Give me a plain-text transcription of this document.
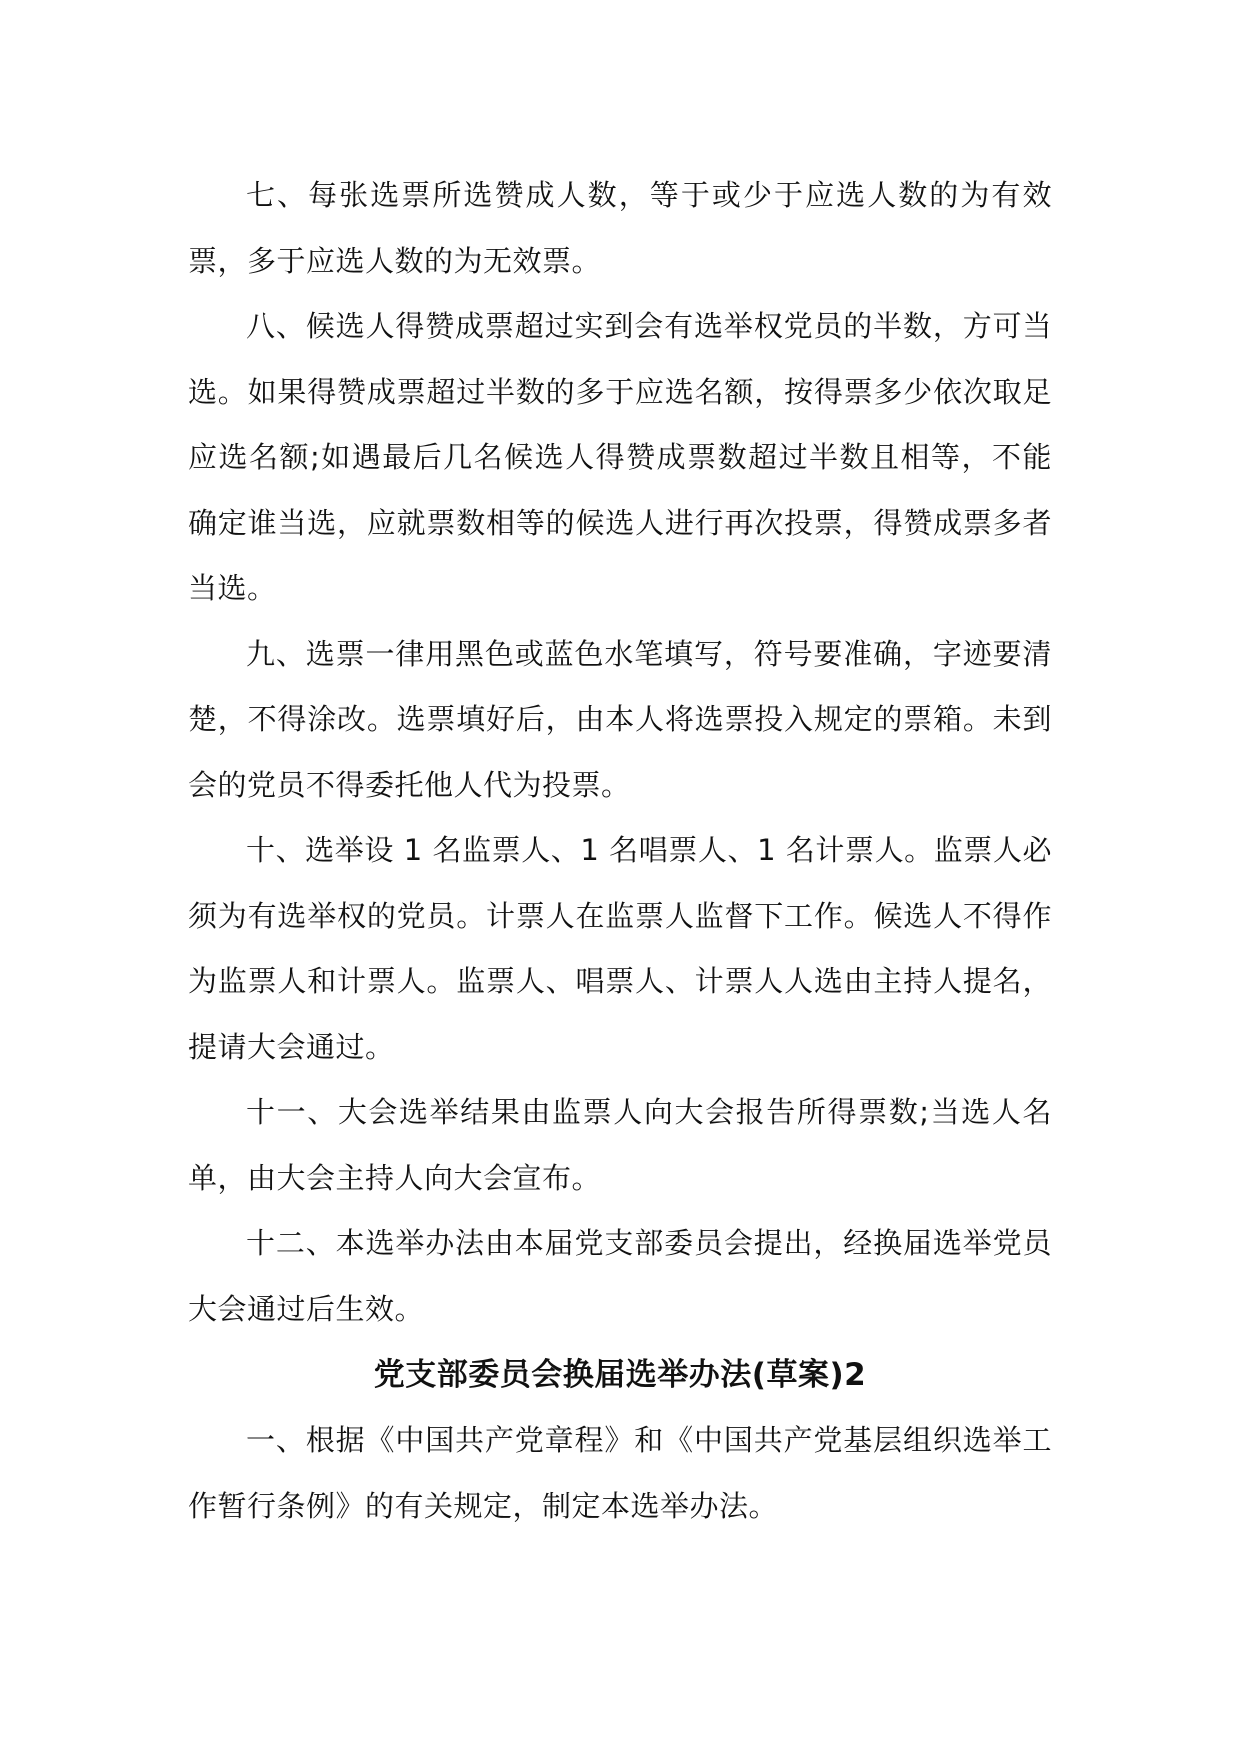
七、每张选票所选赞成人数，等于或少于应选人数的为有效票，多于应选人数的为无效票。

八、候选人得赞成票超过实到会有选举权党员的半数，方可当选。如果得赞成票超过半数的多于应选名额，按得票多少依次取足应选名额;如遇最后几名候选人得赞成票数超过半数且相等，不能确定谁当选，应就票数相等的候选人进行再次投票，得赞成票多者当选。

九、选票一律用黑色或蓝色水笔填写，符号要准确，字迹要清楚，不得涂改。选票填好后，由本人将选票投入规定的票箱。未到会的党员不得委托他人代为投票。

十、选举设 1 名监票人、1 名唱票人、1 名计票人。监票人必须为有选举权的党员。计票人在监票人监督下工作。候选人不得作为监票人和计票人。监票人、唱票人、计票人人选由主持人提名，提请大会通过。

十一、大会选举结果由监票人向大会报告所得票数;当选人名单，由大会主持人向大会宣布。

十二、本选举办法由本届党支部委员会提出，经换届选举党员大会通过后生效。

党支部委员会换届选举办法(草案)2

一、根据《中国共产党章程》和《中国共产党基层组织选举工作暂行条例》的有关规定，制定本选举办法。
